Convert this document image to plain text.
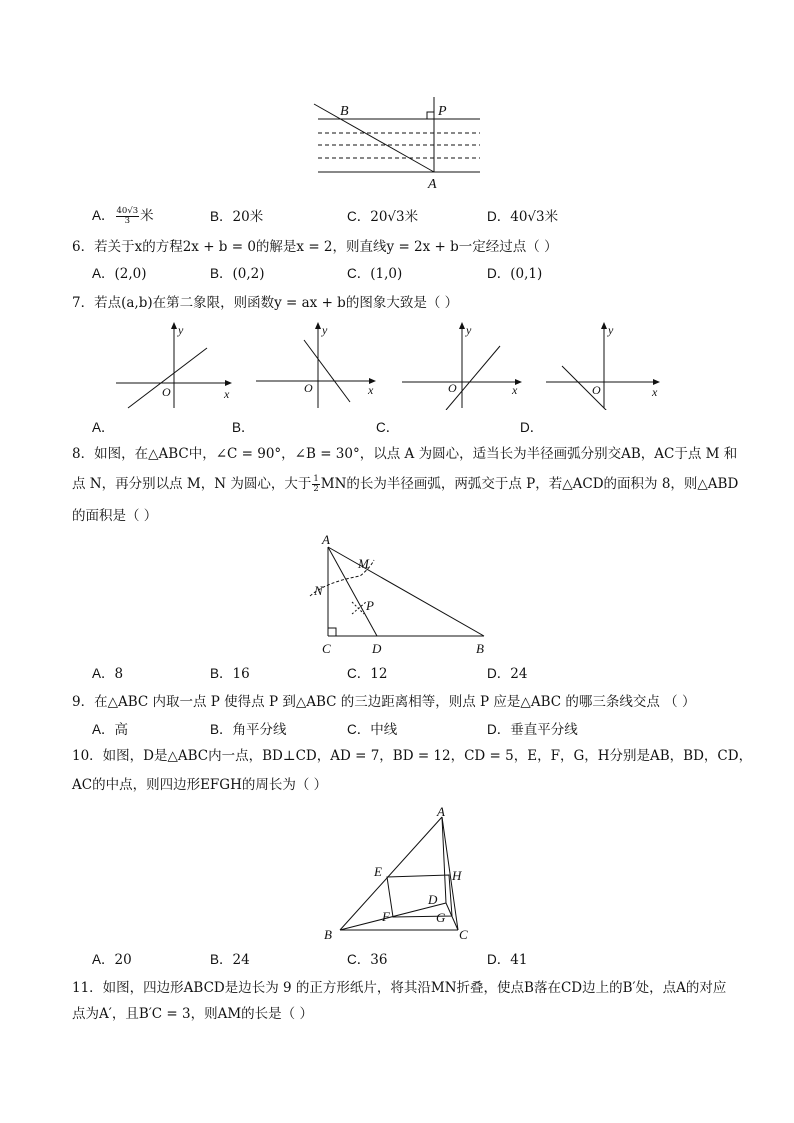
B	P
A
A． $\frac{40√3}{3}$ 米	B．20米	C．20√3米	D．40√3米
6．若关于x的方程2x + b = 0的解是x = 2，则直线y = 2x + b一定经过点（ ）
A．(2,0)	B．(0,2)	C．(1,0)	D．(0,1)
7．若点(a,b)在第二象限，则函数y = ax + b的图象大致是（ ）
y
x
O
y
x
O
y
x
O
y
x
O
A．	B．	C．	D．
8．如图，在△ABC中，∠C = 90°，∠B = 30°，以点 A 为圆心，适当长为半径画弧分别交AB，AC于点 M 和
点 N，再分别以点 M，N 为圆心，大于 $\frac{1}{2}$ MN的长为半径画弧，两弧交于点 P，若△ACD的面积为 8，则△ABD
的面积是（ ）
A
M
N
P
C	D	B
A．8	B．16	C．12	D．24
9．在△ABC 内取一点 P 使得点 P 到△ABC 的三边距离相等，则点 P 应是△ABC 的哪三条线交点 （ ）
A．高	B．角平分线	C．中线	D．垂直平分线
10．如图，D是△ABC内一点，BD⊥CD，AD = 7，BD = 12，CD = 5，E，F，G，H分别是AB，BD，CD，
AC的中点，则四边形EFGH的周长为（ ）
A
E	H
D
F	G
B	C
A．20	B．24	C．36	D．41
11．如图，四边形ABCD是边长为 9 的正方形纸片，将其沿MN折叠，使点B落在CD边上的B′处，点A的对应
点为A′，且B′C = 3，则AM的长是（ ）
